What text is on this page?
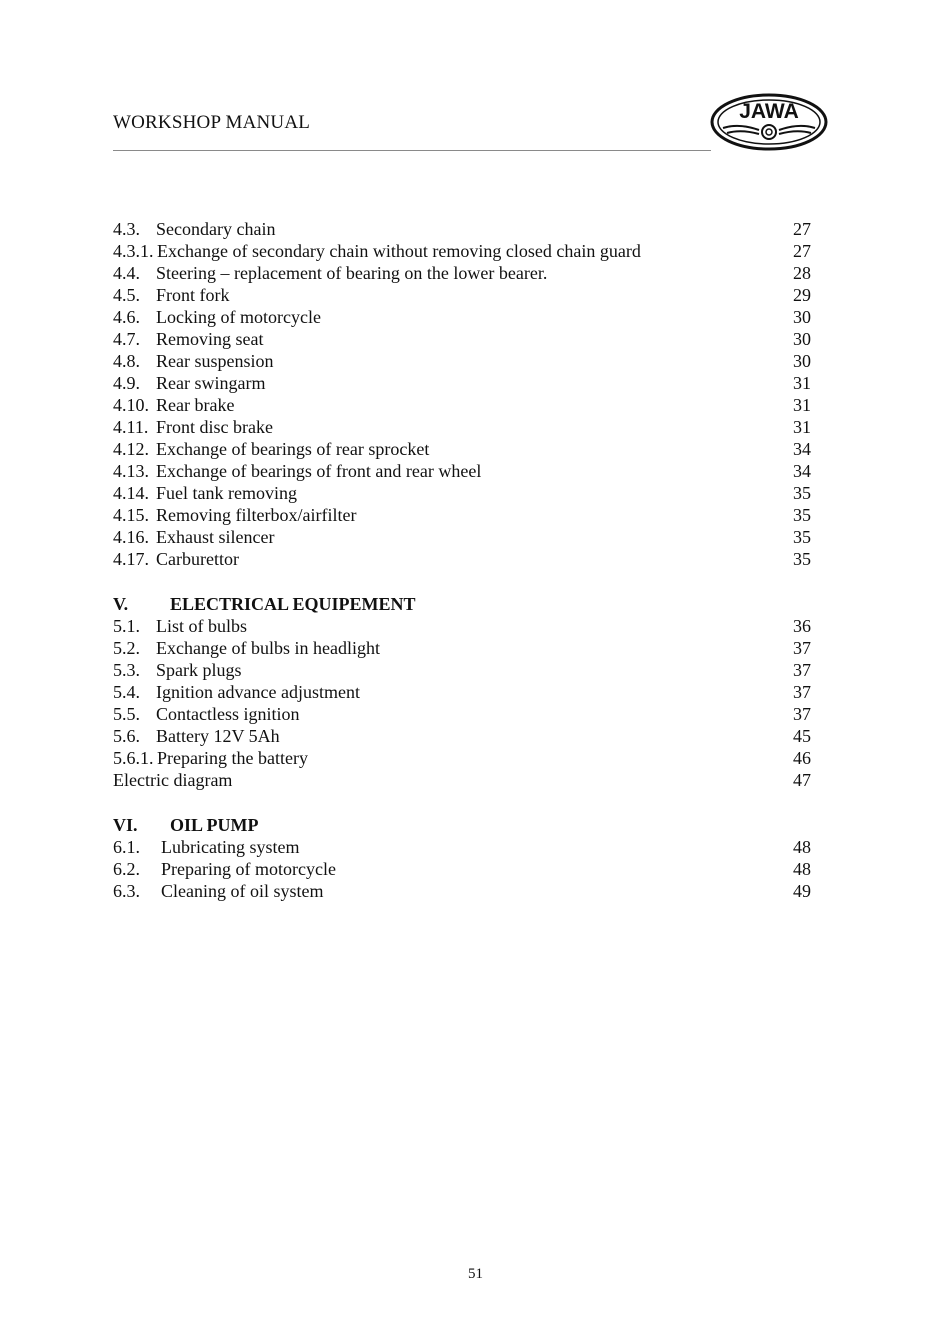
WORKSHOP MANUAL	JAWA
4.3. Secondary chain	27
4.3.1. Exchange of secondary chain without removing closed chain guard	27
4.4. Steering – replacement of bearing on the lower bearer.	28
4.5. Front fork	29
4.6. Locking of motorcycle	30
4.7. Removing seat	30
4.8. Rear suspension	30
4.9. Rear swingarm	31
4.10. Rear brake	31
4.11. Front disc brake	31
4.12. Exchange of bearings of rear sprocket	34
4.13. Exchange of bearings of front and rear wheel	34
4.14. Fuel tank removing	35
4.15. Removing filterbox/airfilter	35
4.16. Exhaust silencer	35
4.17. Carburettor	35
V. ELECTRICAL EQUIPEMENT
5.1. List of bulbs	36
5.2. Exchange of bulbs in headlight	37
5.3. Spark plugs	37
5.4. Ignition advance adjustment	37
5.5. Contactless ignition	37
5.6. Battery 12V 5Ah	45
5.6.1. Preparing the battery	46
Electric diagram	47
VI. OIL PUMP
6.1. Lubricating system	48
6.2. Preparing of motorcycle	48
6.3. Cleaning of oil system	49
51
